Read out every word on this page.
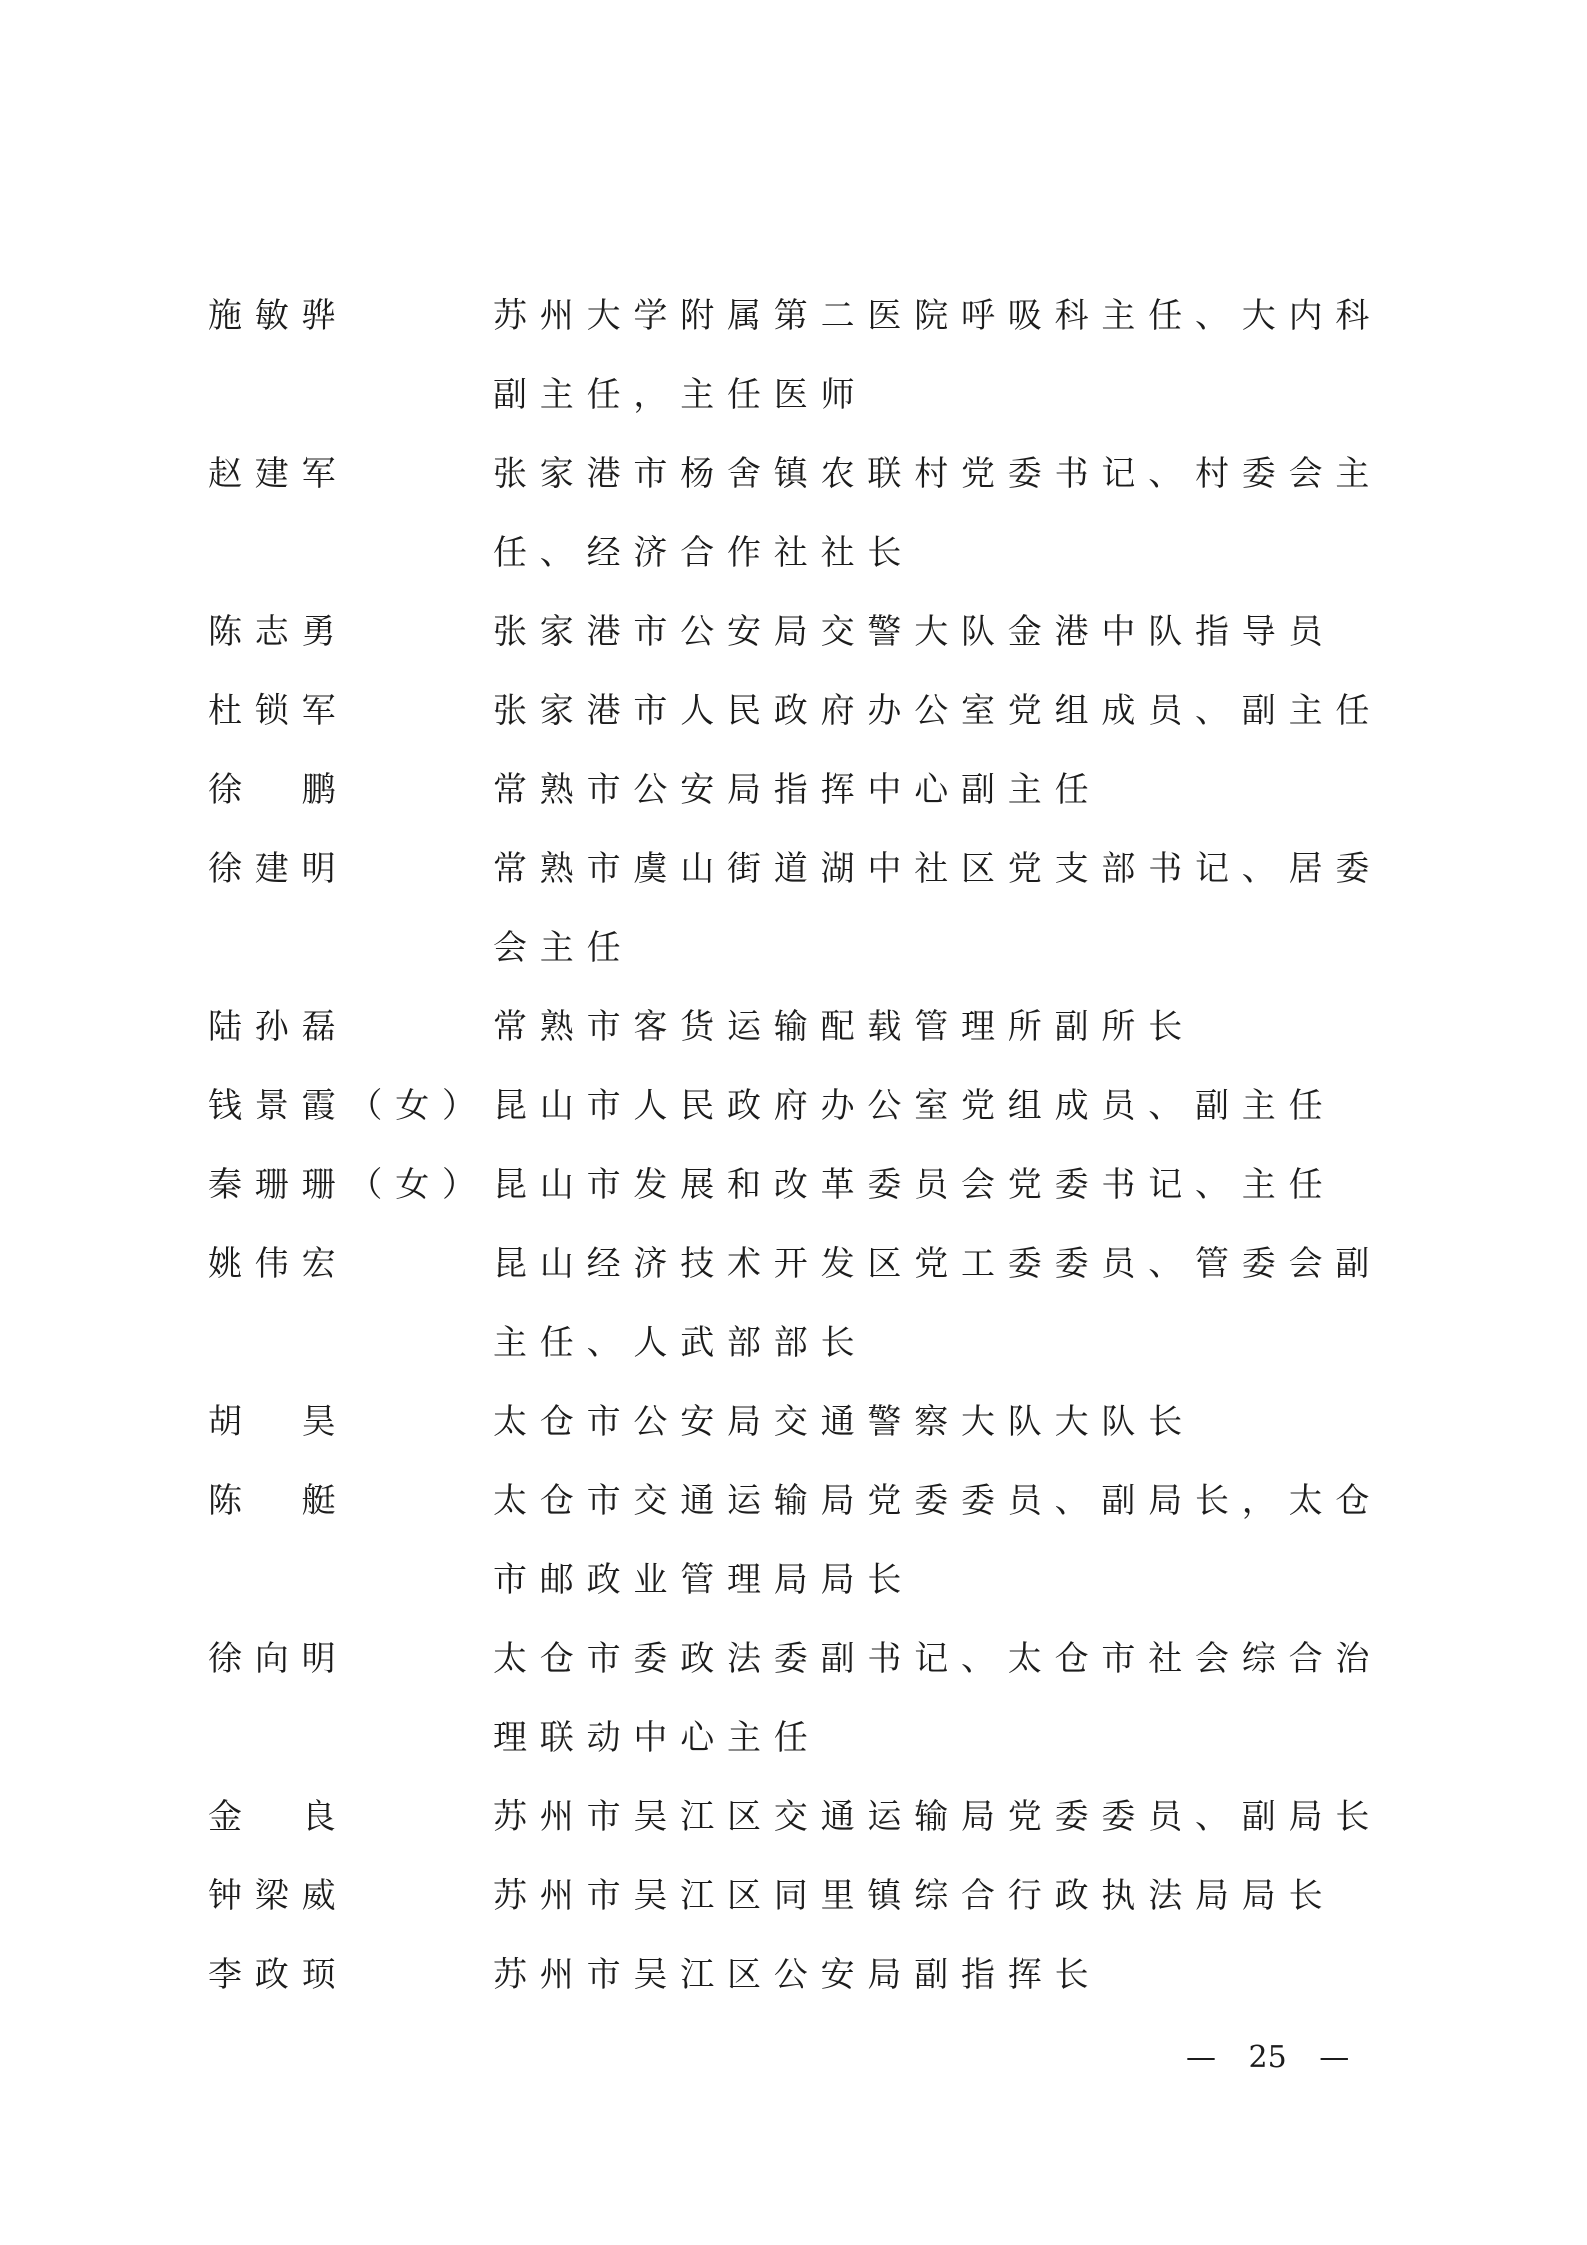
施敏骅	苏州大学附属第二医院呼吸科主任、大内科副主任，主任医师
赵建军	张家港市杨舍镇农联村党委书记、村委会主任、经济合作社社长
陈志勇	张家港市公安局交警大队金港中队指导员
杜锁军	张家港市人民政府办公室党组成员、副主任
徐　鹏	常熟市公安局指挥中心副主任
徐建明	常熟市虞山街道湖中社区党支部书记、居委会主任
陆孙磊	常熟市客货运输配载管理所副所长
钱景霞（女） 昆山市人民政府办公室党组成员、副主任
秦珊珊（女） 昆山市发展和改革委员会党委书记、主任
姚伟宏	昆山经济技术开发区党工委委员、管委会副主任、人武部部长
胡　昊	太仓市公安局交通警察大队大队长
陈　艇	太仓市交通运输局党委委员、副局长，太仓市邮政业管理局局长
徐向明	太仓市委政法委副书记、太仓市社会综合治理联动中心主任
金　良	苏州市吴江区交通运输局党委委员、副局长
钟梁威	苏州市吴江区同里镇综合行政执法局局长
李政顼	苏州市吴江区公安局副指挥长
— 25 —
